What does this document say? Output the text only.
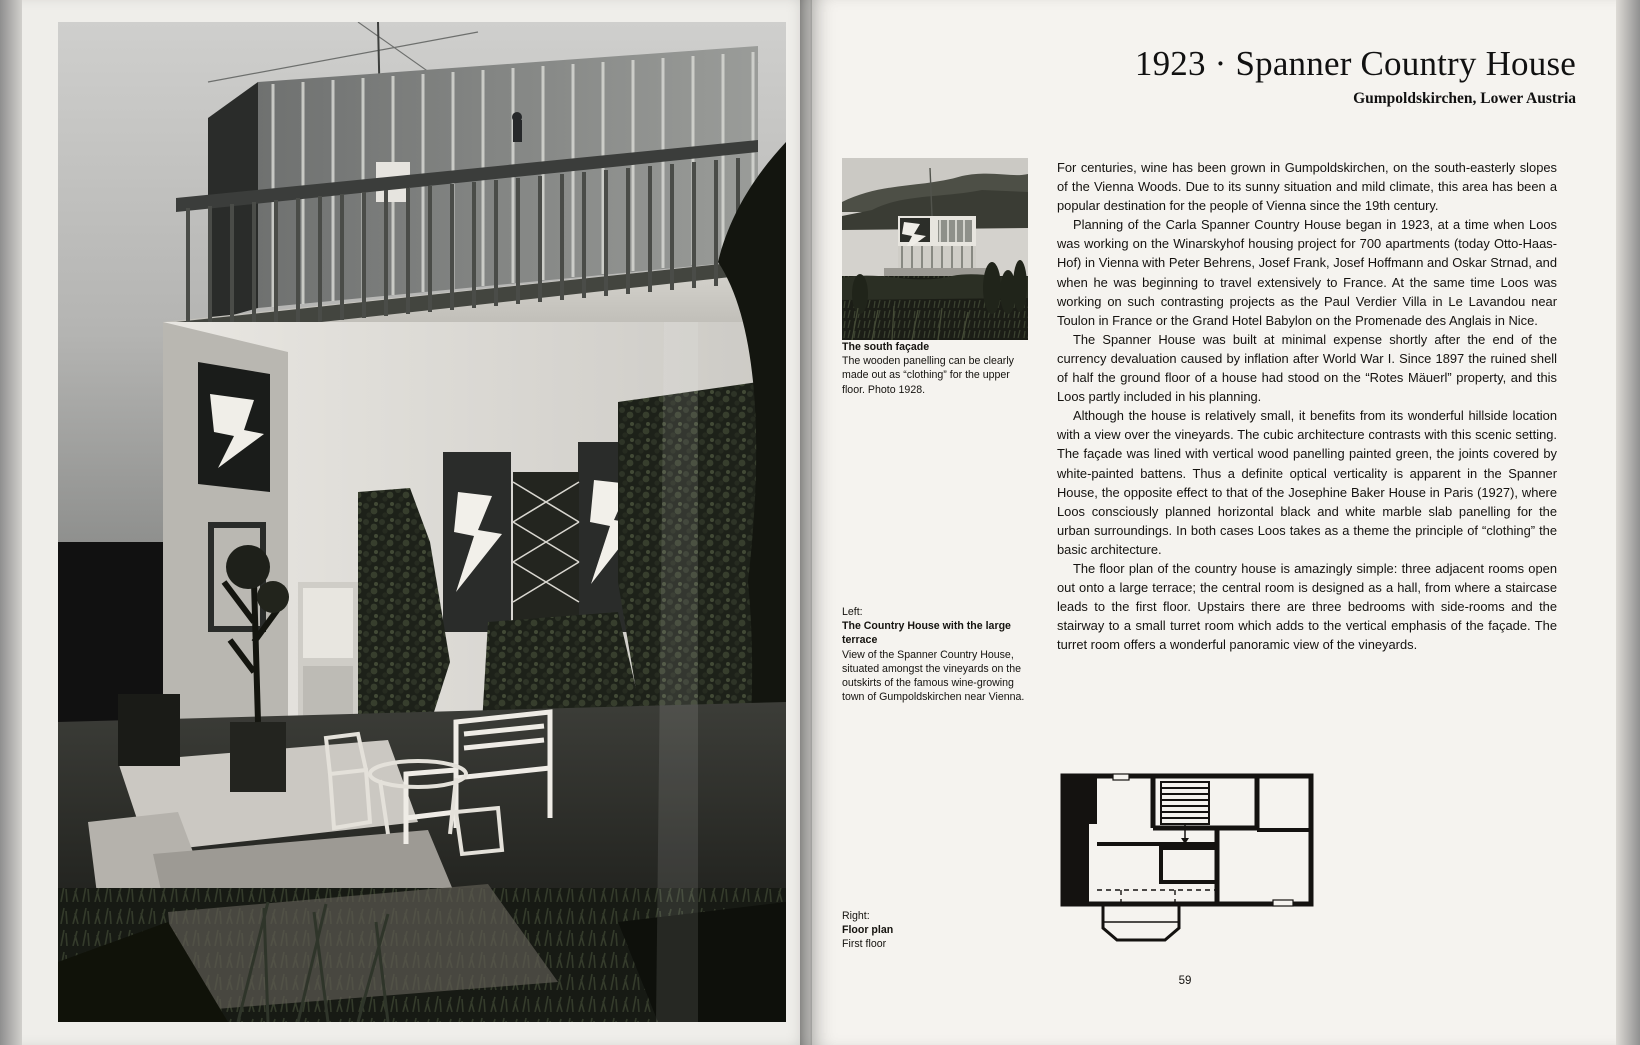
1923 · Spanner Country House
Gumpoldskirchen, Lower Austria
The south façade
The wooden panelling can be clearly made out as “clothing” for the upper floor. Photo 1928.
Left:
The Country House with the large terrace
View of the Spanner Country House, situated amongst the vineyards on the outskirts of the famous wine-growing town of Gumpoldskirchen near Vienna.
Right:
Floor plan
First floor

For centuries, wine has been grown in Gumpoldskirchen, on the south-easterly slopes of the Vienna Woods. Due to its sunny situation and mild climate, this area has been a popular destination for the people of Vienna since the 19th century.

Planning of the Carla Spanner Country House began in 1923, at a time when Loos was working on the Winarskyhof housing project for 700 apartments (today Otto-Haas-Hof) in Vienna with Peter Behrens, Josef Frank, Josef Hoffmann and Oskar Strnad, and when he was beginning to travel extensively to France. At the same time Loos was working on such contrasting projects as the Paul Verdier Villa in Le Lavandou near Toulon in France or the Grand Hotel Babylon on the Promenade des Anglais in Nice.

The Spanner House was built at minimal expense shortly after the end of the currency devaluation caused by inflation after World War I. Since 1897 the ruined shell of half the ground floor of a house had stood on the “Rotes Mäuerl” property, and this Loos partly included in his planning.

Although the house is relatively small, it benefits from its wonderful hillside location with a view over the vineyards. The cubic architecture contrasts with this scenic setting. The façade was lined with vertical wood panelling painted green, the joints covered by white-painted battens. Thus a definite optical verticality is apparent in the Spanner House, the opposite effect to that of the Josephine Baker House in Paris (1927), where Loos consciously planned horizontal black and white marble slab panelling for the urban surroundings. In both cases Loos takes as a theme the principle of “clothing” the basic architecture.

The floor plan of the country house is amazingly simple: three adjacent rooms open out onto a large terrace; the central room is designed as a hall, from where a staircase leads to the first floor. Upstairs there are three bedrooms with side-rooms and the stairway to a small turret room which adds to the vertical emphasis of the façade. The turret room offers a wonderful panoramic view of the vineyards.

59
